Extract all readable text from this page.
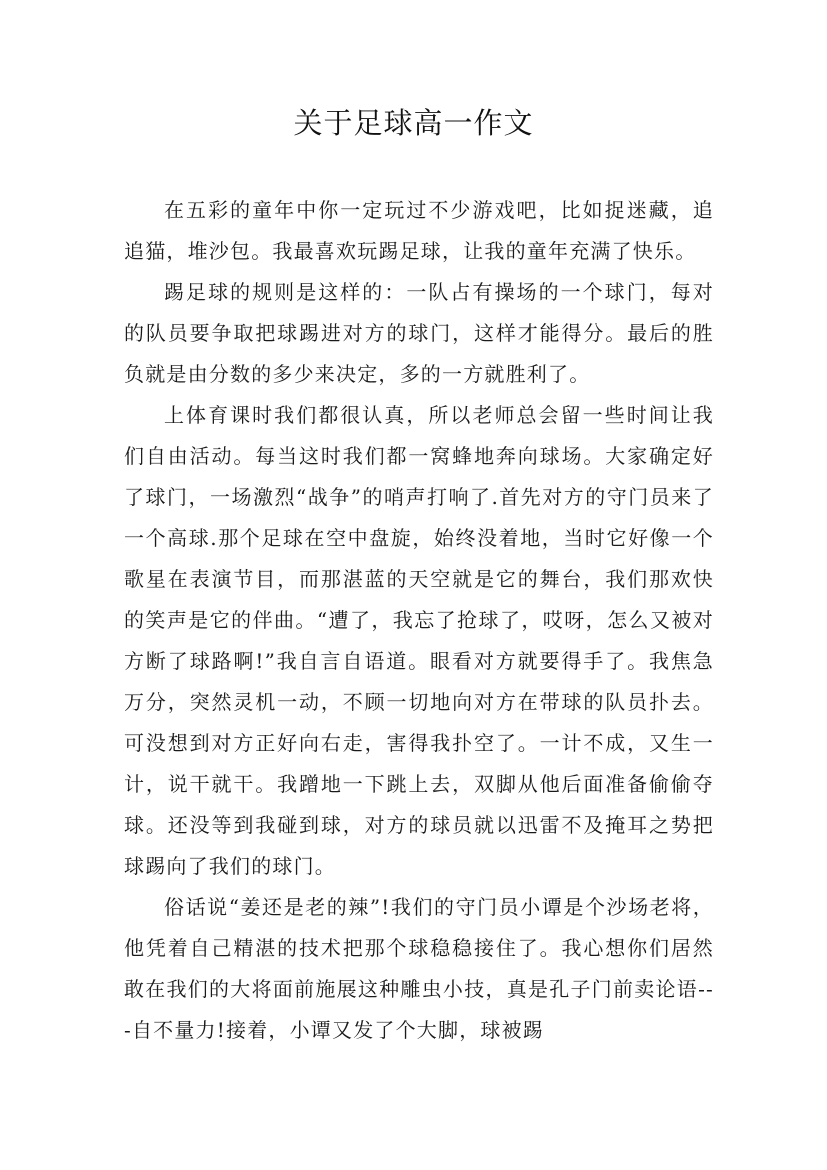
关于足球高一作文

在五彩的童年中你一定玩过不少游戏吧，比如捉迷藏，追追猫，堆沙包。我最喜欢玩踢足球，让我的童年充满了快乐。

踢足球的规则是这样的：一队占有操场的一个球门，每对的队员要争取把球踢进对方的球门，这样才能得分。最后的胜负就是由分数的多少来决定，多的一方就胜利了。

上体育课时我们都很认真，所以老师总会留一些时间让我们自由活动。每当这时我们都一窝蜂地奔向球场。大家确定好了球门，一场激烈“战争”的哨声打响了.首先对方的守门员来了一个高球.那个足球在空中盘旋，始终没着地，当时它好像一个歌星在表演节目，而那湛蓝的天空就是它的舞台，我们那欢快的笑声是它的伴曲。“遭了，我忘了抢球了，哎呀，怎么又被对方断了球路啊!”我自言自语道。眼看对方就要得手了。我焦急万分，突然灵机一动，不顾一切地向对方在带球的队员扑去。可没想到对方正好向右走，害得我扑空了。一计不成，又生一计，说干就干。我蹭地一下跳上去，双脚从他后面准备偷偷夺球。还没等到我碰到球，对方的球员就以迅雷不及掩耳之势把球踢向了我们的球门。

俗话说“姜还是老的辣”!我们的守门员小谭是个沙场老将，他凭着自己精湛的技术把那个球稳稳接住了。我心想你们居然敢在我们的大将面前施展这种雕虫小技，真是孔子门前卖论语---自不量力!接着，小谭又发了个大脚，球被踢
